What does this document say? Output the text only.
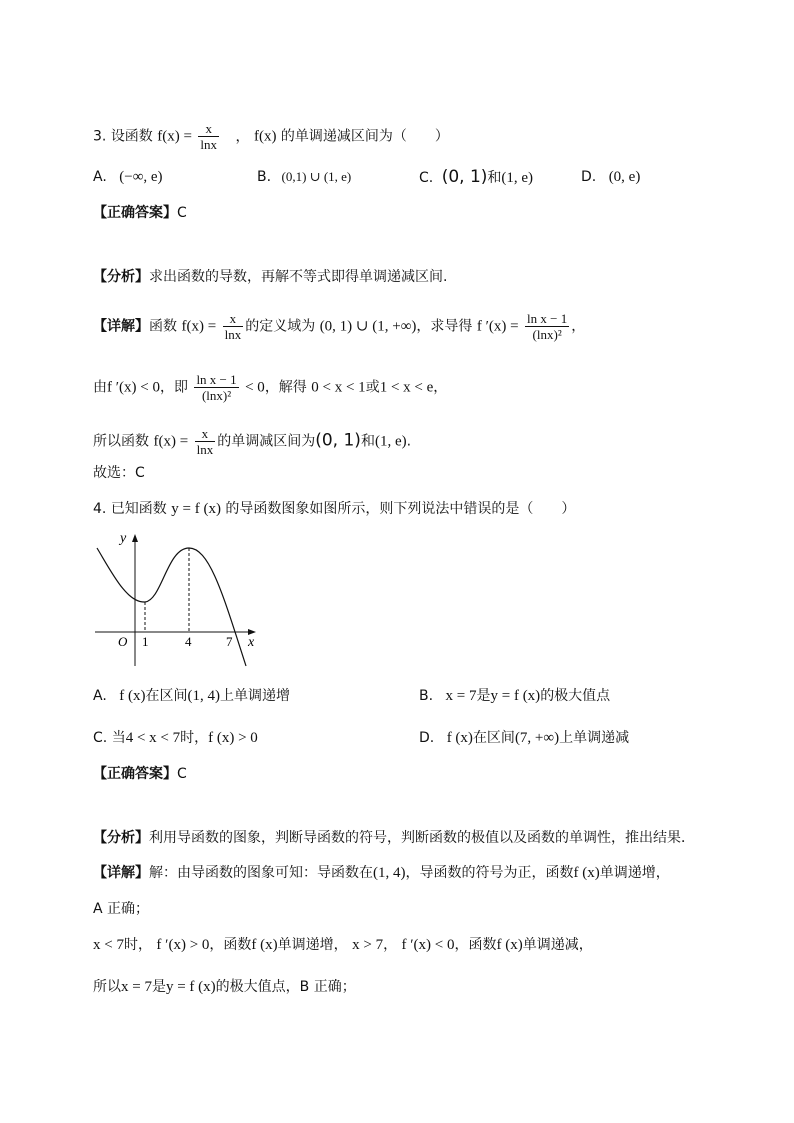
3. 设函数 $f(x) = \frac{x}{\ln x}$ ， f(x) 的单调递减区间为（　　）
A. (−∞, e)	B. (0,1) ∪ (1, e)	C. (0, 1)和(1, e)	D. (0, e)
【正确答案】C
【分析】求出函数的导数，再解不等式即得单调递减区间.
【详解】函数 $f(x) = \frac{x}{\ln x}$ 的定义域为 (0, 1) ∪ (1, +∞)，求导得 f $'(x) = \frac{\text{ln x − 1}}{\text{(lnx)²}}$ ，
由f ′(x) < 0，即 $\frac{\text{ln x − 1}}{\text{(lnx)²}} < 0$，解得 0 < x < 1或1 < x < e，
所以函数 $f(x) = \frac{x}{\ln x}$ 的单调减区间为(0, 1)和(1, e).
故选：C
4. 已知函数 y = f (x) 的导函数图象如图所示，则下列说法中错误的是（　　）
y
x
O 1	4	7
A. f (x)在区间(1, 4)上单调递增	B. x = 7是y = f (x)的极大值点
C. 当4 < x < 7时，f (x) > 0	D. f (x)在区间(7, +∞)上单调递减
【正确答案】C
【分析】利用导函数的图象，判断导函数的符号，判断函数的极值以及函数的单调性，推出结果．
【详解】解：由导函数的图象可知：导函数在(1, 4)，导函数的符号为正，函数f (x)单调递增，
A 正确；
x < 7时， f ′(x) > 0，函数f (x)单调递增， x > 7， f ′(x) < 0，函数f (x)单调递减，
所以x = 7是y = f (x)的极大值点，B 正确；
